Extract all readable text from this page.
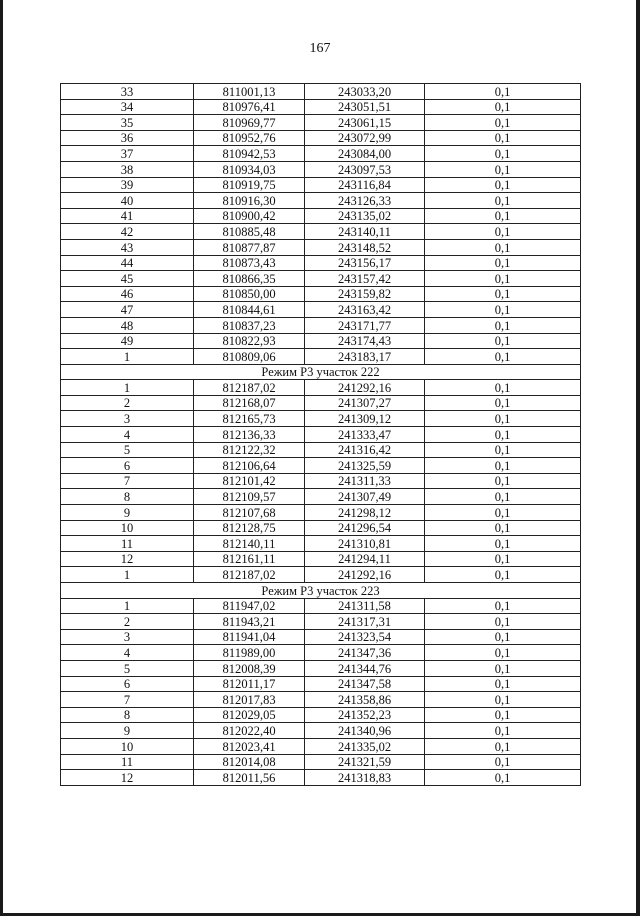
167
33	811001,13	243033,20	0,1
34	810976,41	243051,51	0,1
35	810969,77	243061,15	0,1
36	810952,76	243072,99	0,1
37	810942,53	243084,00	0,1
38	810934,03	243097,53	0,1
39	810919,75	243116,84	0,1
40	810916,30	243126,33	0,1
41	810900,42	243135,02	0,1
42	810885,48	243140,11	0,1
43	810877,87	243148,52	0,1
44	810873,43	243156,17	0,1
45	810866,35	243157,42	0,1
46	810850,00	243159,82	0,1
47	810844,61	243163,42	0,1
48	810837,23	243171,77	0,1
49	810822,93	243174,43	0,1
1	810809,06	243183,17	0,1
Режим Р3 участок 222			
1	812187,02	241292,16	0,1
2	812168,07	241307,27	0,1
3	812165,73	241309,12	0,1
4	812136,33	241333,47	0,1
5	812122,32	241316,42	0,1
6	812106,64	241325,59	0,1
7	812101,42	241311,33	0,1
8	812109,57	241307,49	0,1
9	812107,68	241298,12	0,1
10	812128,75	241296,54	0,1
11	812140,11	241310,81	0,1
12	812161,11	241294,11	0,1
1	812187,02	241292,16	0,1
Режим Р3 участок 223			
1	811947,02	241311,58	0,1
2	811943,21	241317,31	0,1
3	811941,04	241323,54	0,1
4	811989,00	241347,36	0,1
5	812008,39	241344,76	0,1
6	812011,17	241347,58	0,1
7	812017,83	241358,86	0,1
8	812029,05	241352,23	0,1
9	812022,40	241340,96	0,1
10	812023,41	241335,02	0,1
11	812014,08	241321,59	0,1
12	812011,56	241318,83	0,1
